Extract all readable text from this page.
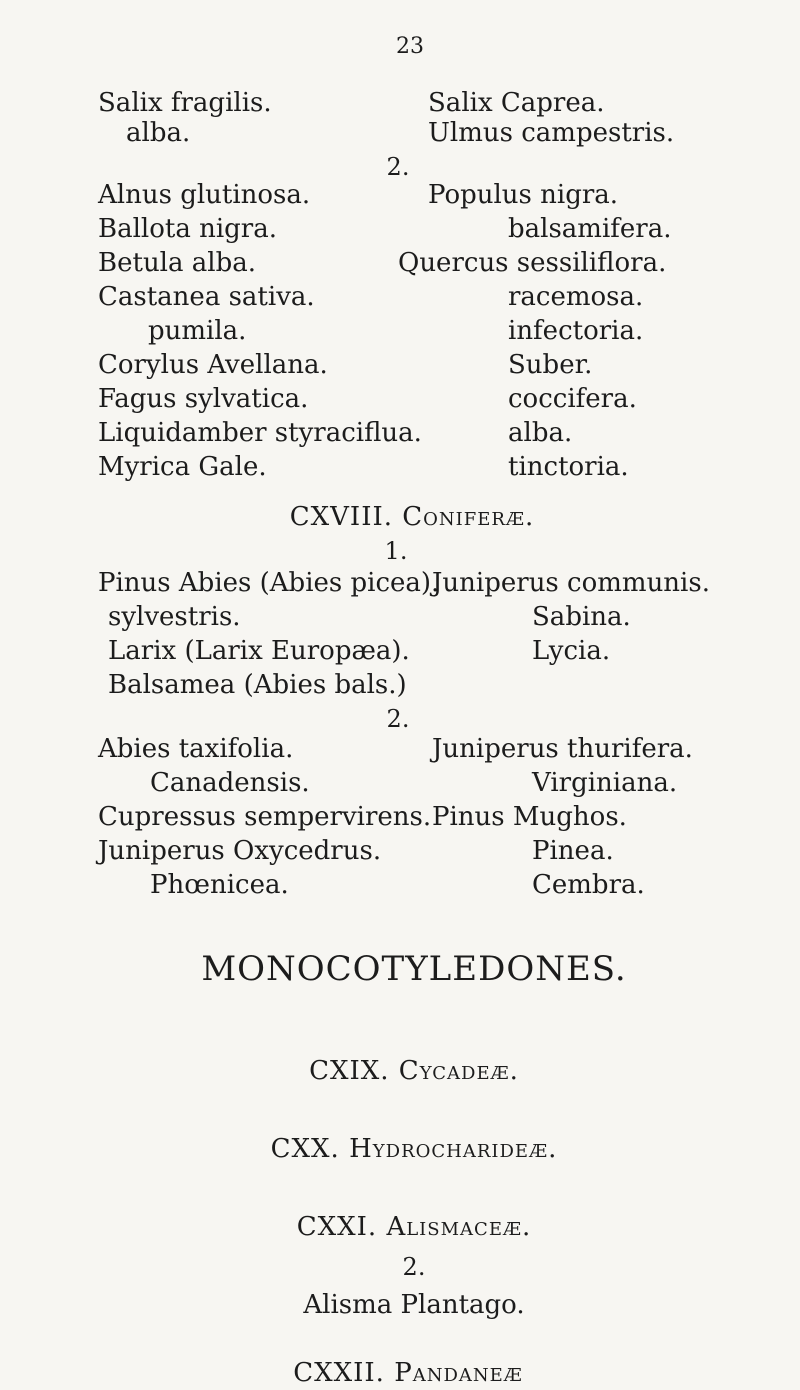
23
Salix fragilis.
alba.
Salix Caprea.
Ulmus campestris.
2.
Alnus glutinosa.
Ballota nigra.
Betula alba.
Castanea sativa.
pumila.
Corylus Avellana.
Fagus sylvatica.
Liquidamber styraciflua.
Myrica Gale.
Populus nigra.
balsamifera.
Quercus sessiliflora.
racemosa.
infectoria.
Suber.
coccifera.
alba.
tinctoria.
CXVIII. Coniferæ.
1.
Pinus Abies (Abies picea).
sylvestris.
Larix (Larix Europæa).
Balsamea (Abies bals.)
Juniperus communis.
Sabina.
Lycia.
2.
Abies taxifolia.
Canadensis.
Cupressus sempervirens.
Juniperus Oxycedrus.
Phœnicea.
Juniperus thurifera.
Virginiana.
Pinus Mughos.
Pinea.
Cembra.
MONOCOTYLEDONES.
CXIX. Cycadeæ.
CXX. Hydrocharideæ.
CXXI. Alismaceæ.
2.
Alisma Plantago.
CXXII. Pandaneæ
